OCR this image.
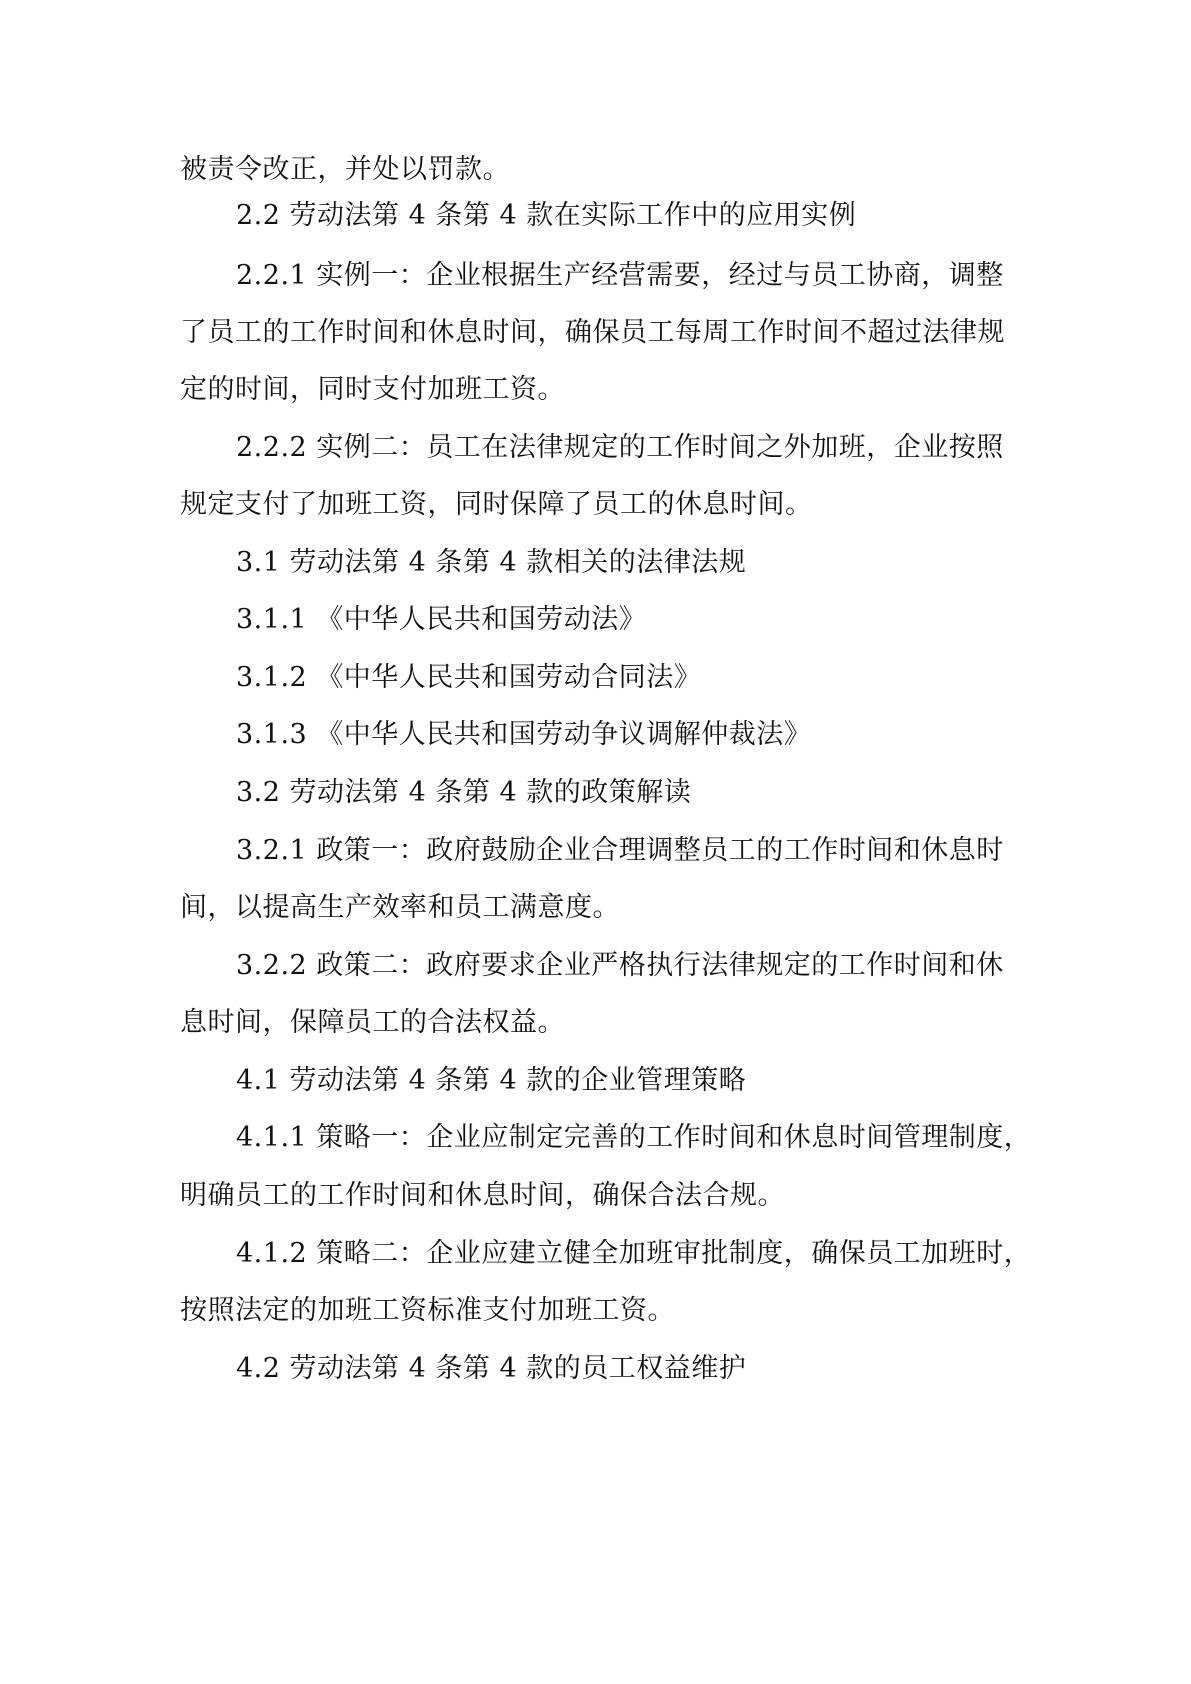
被责令改正，并处以罚款。
2.2 劳动法第 4 条第 4 款在实际工作中的应用实例
2.2.1 实例一：企业根据生产经营需要，经过与员工协商，调整
了员工的工作时间和休息时间，确保员工每周工作时间不超过法律规
定的时间，同时支付加班工资。
2.2.2 实例二：员工在法律规定的工作时间之外加班，企业按照
规定支付了加班工资，同时保障了员工的休息时间。
3.1 劳动法第 4 条第 4 款相关的法律法规
3.1.1 《中华人民共和国劳动法》
3.1.2 《中华人民共和国劳动合同法》
3.1.3 《中华人民共和国劳动争议调解仲裁法》
3.2 劳动法第 4 条第 4 款的政策解读
3.2.1 政策一：政府鼓励企业合理调整员工的工作时间和休息时
间，以提高生产效率和员工满意度。
3.2.2 政策二：政府要求企业严格执行法律规定的工作时间和休
息时间，保障员工的合法权益。
4.1 劳动法第 4 条第 4 款的企业管理策略
4.1.1 策略一：企业应制定完善的工作时间和休息时间管理制度，
明确员工的工作时间和休息时间，确保合法合规。
4.1.2 策略二：企业应建立健全加班审批制度，确保员工加班时，
按照法定的加班工资标准支付加班工资。
4.2 劳动法第 4 条第 4 款的员工权益维护
